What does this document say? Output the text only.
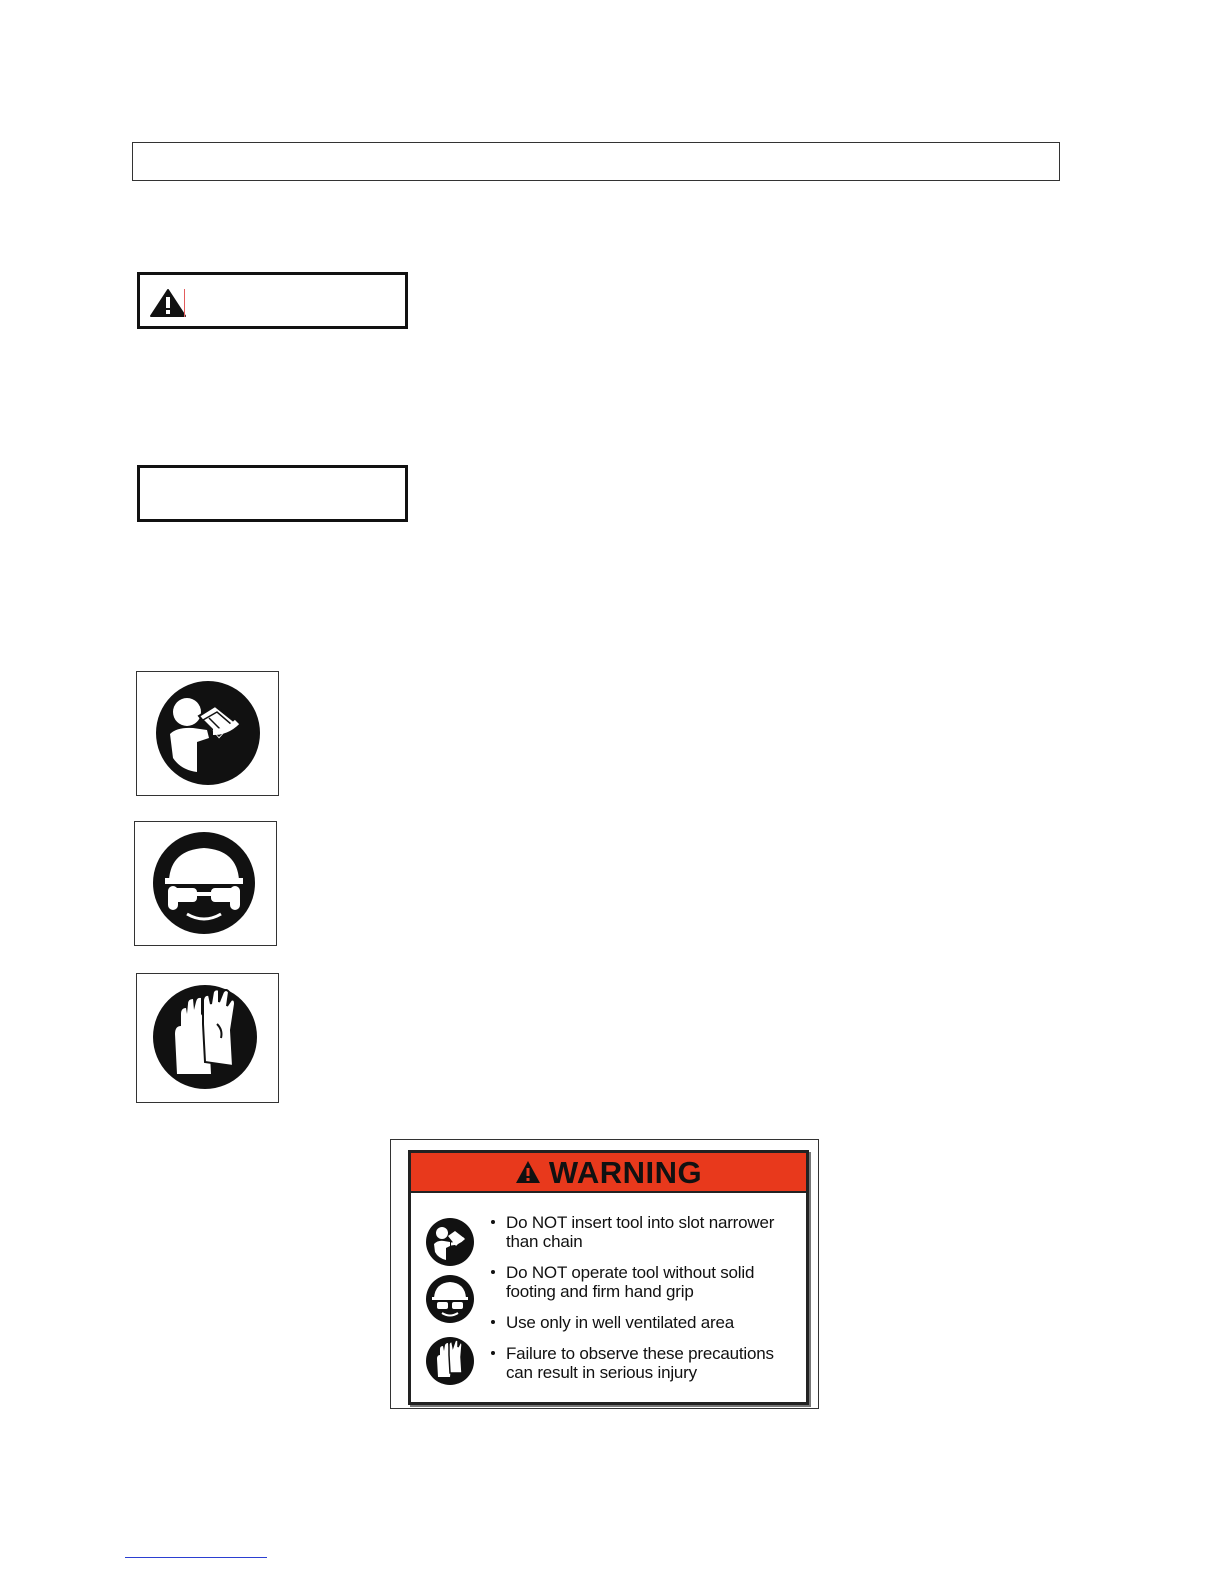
WARNING
Do NOT insert tool into slot narrower
than chain
Do NOT operate tool without solid
footing and firm hand grip
Use only in well ventilated area
Failure to observe these precautions
can result in serious injury
